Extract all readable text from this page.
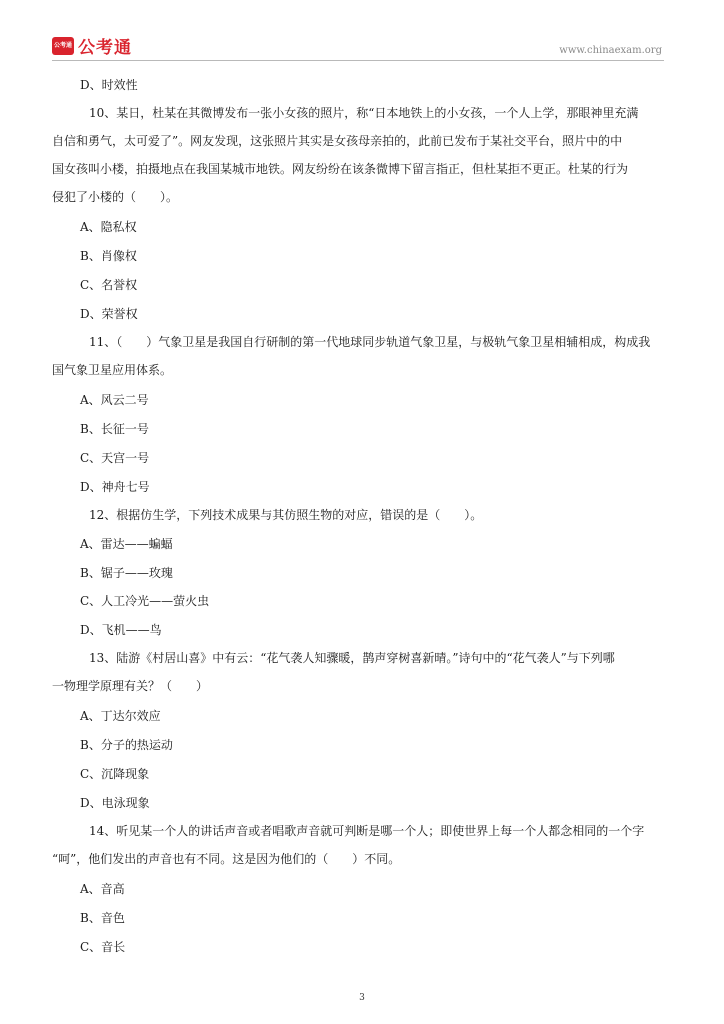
公考通 公考通	www.chinaexam.org
D、时效性
10、某日，杜某在其微博发布一张小女孩的照片，称“日本地铁上的小女孩，一个人上学，那眼神里充满
自信和勇气，太可爱了”。网友发现，这张照片其实是女孩母亲拍的，此前已发布于某社交平台，照片中的中
国女孩叫小楼，拍摄地点在我国某城市地铁。网友纷纷在该条微博下留言指正，但杜某拒不更正。杜某的行为
侵犯了小楼的（　　）。
A、隐私权
B、肖像权
C、名誉权
D、荣誉权
11、（　　）气象卫星是我国自行研制的第一代地球同步轨道气象卫星，与极轨气象卫星相辅相成，构成我
国气象卫星应用体系。
A、风云二号
B、长征一号
C、天宫一号
D、神舟七号
12、根据仿生学，下列技术成果与其仿照生物的对应，错误的是（　　）。
A、雷达——蝙蝠
B、锯子——玫瑰
C、人工冷光——萤火虫
D、飞机——鸟
13、陆游《村居山喜》中有云：“花气袭人知骤暖，鹊声穿树喜新晴。”诗句中的“花气袭人”与下列哪
一物理学原理有关？（　　）
A、丁达尔效应
B、分子的热运动
C、沉降现象
D、电泳现象
14、听见某一个人的讲话声音或者唱歌声音就可判断是哪一个人；即使世界上每一个人都念相同的一个字
“呵”，他们发出的声音也有不同。这是因为他们的（　　）不同。
A、音高
B、音色
C、音长
3
